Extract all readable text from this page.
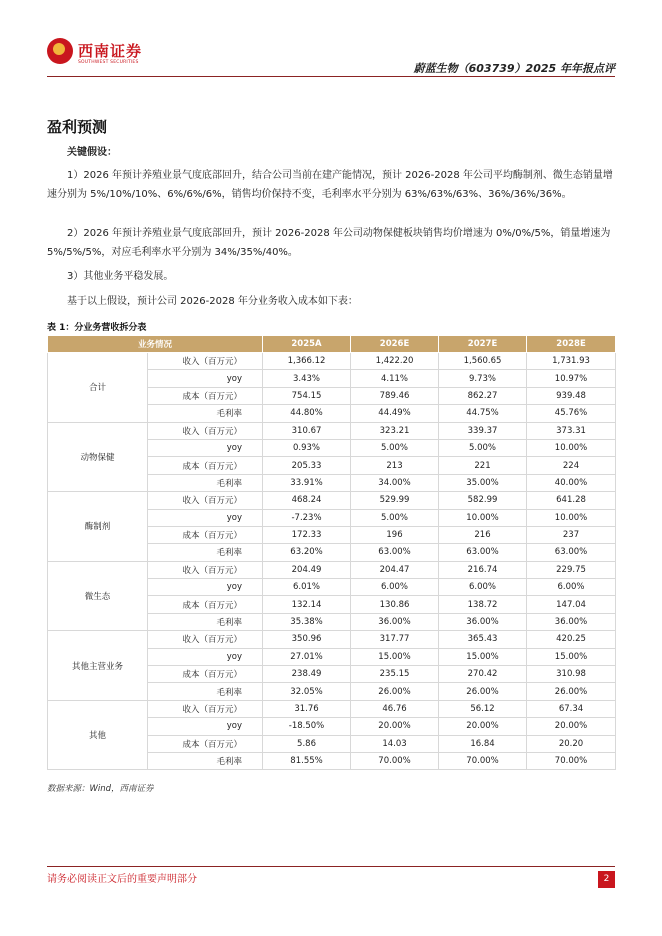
西南证券
SOUTHWEST SECURITIES	蔚蓝生物（603739）2025 年年报点评
盈利预测
关键假设：
1）2026 年预计养殖业景气度底部回升，结合公司当前在建产能情况，预计 2026-2028 年公司平均酶制剂、微生态销量增速分别为 5%/10%/10%、6%/6%/6%，销售均价保持不变，毛利率水平分别为 63%/63%/63%、36%/36%/36%。
2）2026 年预计养殖业景气度底部回升，预计 2026-2028 年公司动物保健板块销售均价增速为 0%/0%/5%，销量增速为 5%/5%/5%，对应毛利率水平分别为 34%/35%/40%。
3）其他业务平稳发展。
基于以上假设，预计公司 2026-2028 年分业务收入成本如下表：
表 1：分业务营收拆分表
业务情况		2025A	2026E	2027E	2028E
合计	收入（百万元）	1,366.12	1,422.20	1,560.65	1,731.93
	yoy	3.43%	4.11%	9.73%	10.97%
	成本（百万元）	754.15	789.46	862.27	939.48
	毛利率	44.80%	44.49%	44.75%	45.76%
动物保健	收入（百万元）	310.67	323.21	339.37	373.31
	yoy	0.93%	5.00%	5.00%	10.00%
	成本（百万元）	205.33	213	221	224
	毛利率	33.91%	34.00%	35.00%	40.00%
酶制剂	收入（百万元）	468.24	529.99	582.99	641.28
	yoy	-7.23%	5.00%	10.00%	10.00%
	成本（百万元）	172.33	196	216	237
	毛利率	63.20%	63.00%	63.00%	63.00%
微生态	收入（百万元）	204.49	204.47	216.74	229.75
	yoy	6.01%	6.00%	6.00%	6.00%
	成本（百万元）	132.14	130.86	138.72	147.04
	毛利率	35.38%	36.00%	36.00%	36.00%
其他主营业务	收入（百万元）	350.96	317.77	365.43	420.25
	yoy	27.01%	15.00%	15.00%	15.00%
	成本（百万元）	238.49	235.15	270.42	310.98
	毛利率	32.05%	26.00%	26.00%	26.00%
其他	收入（百万元）	31.76	46.76	56.12	67.34
	yoy	-18.50%	20.00%	20.00%	20.00%
	成本（百万元）	5.86	14.03	16.84	20.20
	毛利率	81.55%	70.00%	70.00%	70.00%
数据来源：Wind，西南证券
请务必阅读正文后的重要声明部分	2
